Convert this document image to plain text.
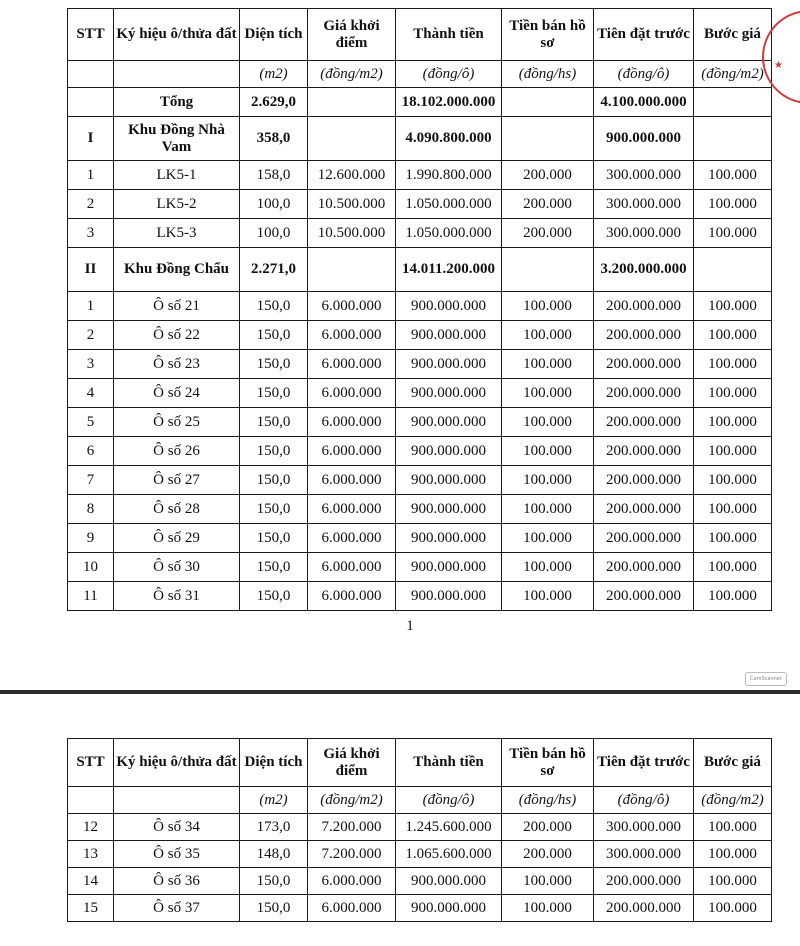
STT	Ký hiệu ô/thửa đất	Diện tích	Giá khởi điểm	Thành tiền	Tiền bán hồ sơ	Tiên đặt trước	Bước giá
		(m2)	(đồng/m2)	(đồng/ô)	(đồng/hs)	(đồng/ô)	(đồng/m2)
	Tổng	2.629,0		18.102.000.000		4.100.000.000	
I	Khu Đồng Nhà Vam	358,0		4.090.800.000		900.000.000	
1	LK5-1	158,0	12.600.000	1.990.800.000	200.000	300.000.000	100.000
2	LK5-2	100,0	10.500.000	1.050.000.000	200.000	300.000.000	100.000
3	LK5-3	100,0	10.500.000	1.050.000.000	200.000	300.000.000	100.000
II	Khu Đồng Chẩu	2.271,0		14.011.200.000		3.200.000.000	
1	Ô số 21	150,0	6.000.000	900.000.000	100.000	200.000.000	100.000
2	Ô số 22	150,0	6.000.000	900.000.000	100.000	200.000.000	100.000
3	Ô số 23	150,0	6.000.000	900.000.000	100.000	200.000.000	100.000
4	Ô số 24	150,0	6.000.000	900.000.000	100.000	200.000.000	100.000
5	Ô số 25	150,0	6.000.000	900.000.000	100.000	200.000.000	100.000
6	Ô số 26	150,0	6.000.000	900.000.000	100.000	200.000.000	100.000
7	Ô số 27	150,0	6.000.000	900.000.000	100.000	200.000.000	100.000
8	Ô số 28	150,0	6.000.000	900.000.000	100.000	200.000.000	100.000
9	Ô số 29	150,0	6.000.000	900.000.000	100.000	200.000.000	100.000
10	Ô số 30	150,0	6.000.000	900.000.000	100.000	200.000.000	100.000
11	Ô số 31	150,0	6.000.000	900.000.000	100.000	200.000.000	100.000
1
CamScanner
★
STT	Ký hiệu ô/thửa đất	Diện tích	Giá khởi điểm	Thành tiền	Tiền bán hồ sơ	Tiên đặt trước	Bước giá
		(m2)	(đồng/m2)	(đồng/ô)	(đồng/hs)	(đồng/ô)	(đồng/m2)
12	Ô số 34	173,0	7.200.000	1.245.600.000	200.000	300.000.000	100.000
13	Ô số 35	148,0	7.200.000	1.065.600.000	200.000	300.000.000	100.000
14	Ô số 36	150,0	6.000.000	900.000.000	100.000	200.000.000	100.000
15	Ô số 37	150,0	6.000.000	900.000.000	100.000	200.000.000	100.000
